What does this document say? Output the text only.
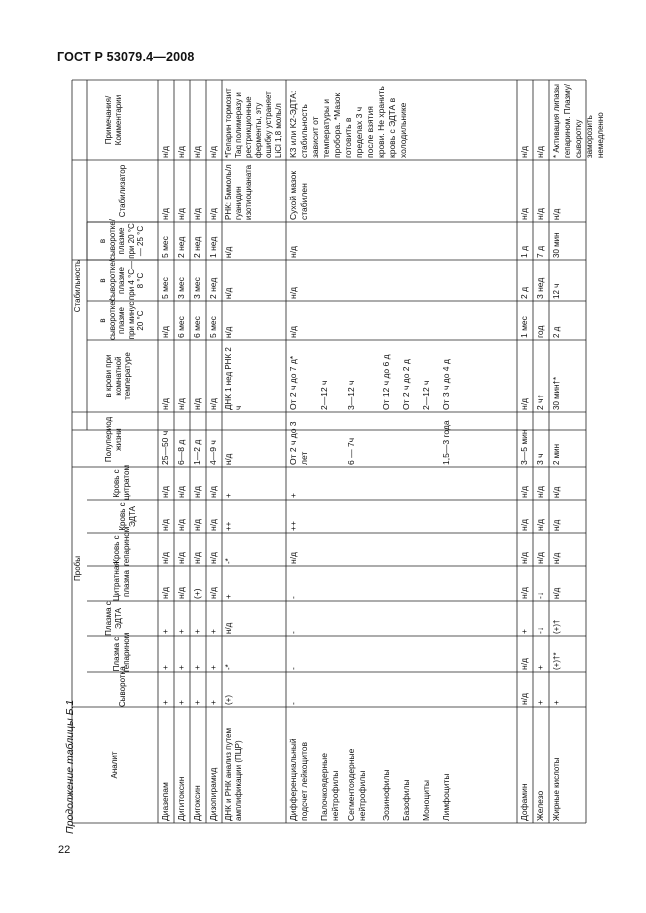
ГОСТ Р 53079.4—2008
Продолжение таблицы Б.1
22
Аналит
Пробы
Стабильность
Сыворотка
Плазма с гепарином
Плазма с ЭДТА
Цитратная плазма
Кровь с гепарином
Кровь с ЭДТА
Кровь с цитратом
Полупериод жизни
в крови при комнатной температуре
в сыворотке/ плазме при минус 20 °С
в сыворотке/ плазме при 4 °С—8 °С
в сыворотке/ плазме при 20 °С — 25 °С
Стабилизатор
Примечания/ Комментарии
Диазепам
+
+
+
н/д
н/д
н/д
н/д
25—50 ч
н/д
н/д
5 мес
5 мес
н/д
н/д
Дигитоксин
+
+
+
н/д
н/д
н/д
н/д
6—8 д
н/д
6 мес
3 мес
2 нед
н/д
н/д
Дигоксин
+
+
+
(+)
н/д
н/д
н/д
1—2 д
н/д
6 мес
3 мес
2 нед
н/д
н/д
Дизопирамид
+
+
+
н/д
н/д
н/д
н/д
4—9 ч
н/д
5 мес
2 нед
1 нед
н/д
н/д
ДНК и РНК анализ путем амплификации (ПЦР)
(+)
-*
н/д
+
-*
++
+
н/д
ДНК 1 нед РНК 2 ч
н/д
н/д
н/д
РНК: 5ммоль/л гуанидин изотиоцианата
*Гепарин тормозит Taq полимеразу и рестрикционные ферменты, эту ошибку устраняет LiCl 1,8 моль/л
Дифференциальный подсчет лейкоцитов
-
-
-
-
н/д
++
+
От 2 ч до 3 лет
От 2 ч до 7 д*
н/д
н/д
н/д
Сухой мазок стабилен
K3 или K2-ЭДТА: стабильность зависит от температуры и пробора. *Мазок готовить в пределах 3 ч после взятия крови. Не хранить кровь с ЭДТА в холодильнике
Палочкоядерные нейтрофилы
2—12 ч
Сегментоядерные нейтрофилы
6 — 7ч
3—12 ч
Эозинофилы
От 12 ч до 6 д
Базофилы
От 2 ч до 2 д
Моноциты
2—12 ч
Лимфоциты
1,5—3 года
От 3 ч до 4 д
Дофамин
н/д
н/д
+
н/д
н/д
н/д
н/д
3—5 мин
н/д
1 мес
2 д
1 д
н/д
н/д
Железо
+
+
-↓
-↓
н/д
н/д
н/д
3 ч
2 ч↑
год
3 нед
7 д
н/д
н/д
Жирные кислоты
+
(+)†*
(+)†
н/д
н/д
н/д
н/д
2 мин
30 мин†*
2 д
12 ч
30 мин
н/д
* Активация липазы гепарином. Плазму/сыворотку заморозить немедленно
